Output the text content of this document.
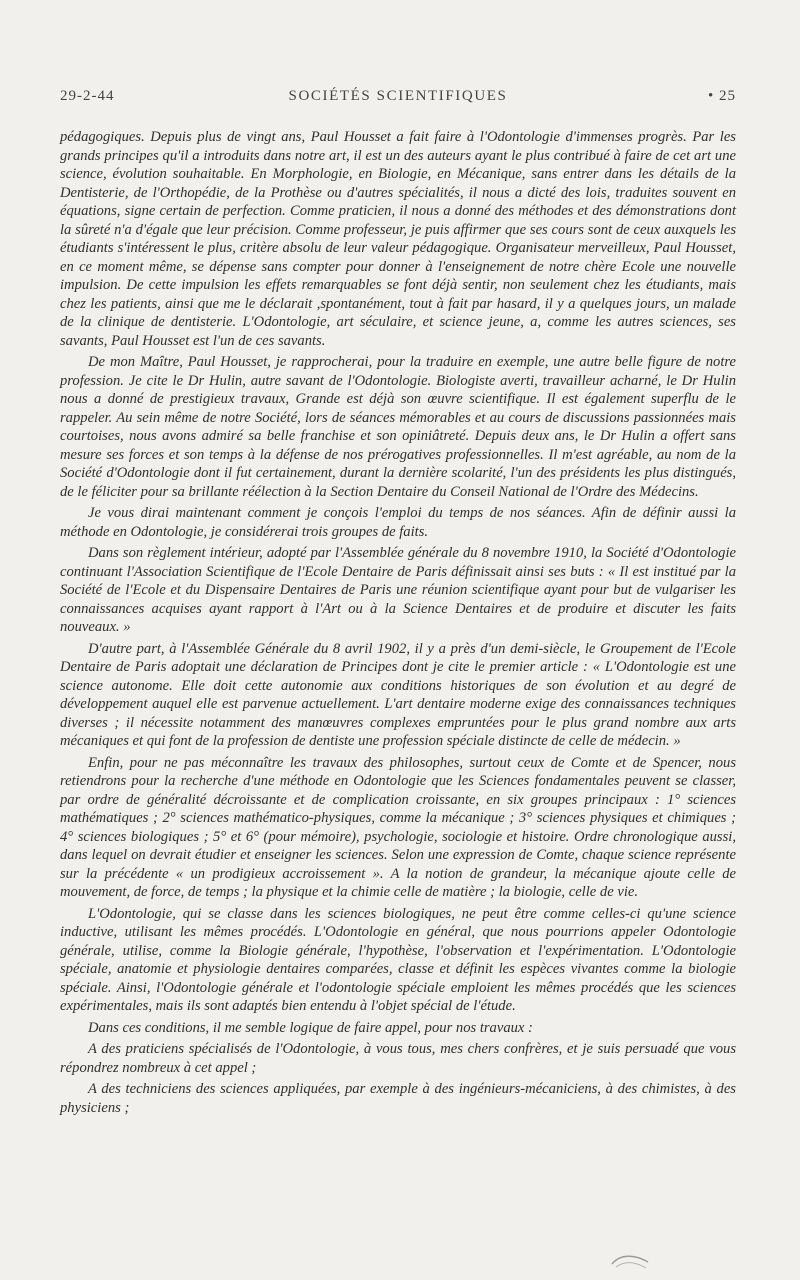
29-2-44	SOCIÉTÉS SCIENTIFIQUES	• 25

pédagogiques. Depuis plus de vingt ans, Paul Housset a fait faire à l'Odontologie d'immenses progrès. Par les grands principes qu'il a introduits dans notre art, il est un des auteurs ayant le plus contribué à faire de cet art une science, évolution souhaitable. En Morphologie, en Biologie, en Mécanique, sans entrer dans les détails de la Dentisterie, de l'Orthopédie, de la Prothèse ou d'autres spécialités, il nous a dicté des lois, traduites souvent en équations, signe certain de perfection. Comme praticien, il nous a donné des méthodes et des démonstrations dont la sûreté n'a d'égale que leur précision. Comme professeur, je puis affirmer que ses cours sont de ceux auxquels les étudiants s'intéressent le plus, critère absolu de leur valeur pédagogique. Organisateur merveilleux, Paul Housset, en ce moment même, se dépense sans compter pour donner à l'enseignement de notre chère Ecole une nouvelle impulsion. De cette impulsion les effets remarquables se font déjà sentir, non seulement chez les étudiants, mais chez les patients, ainsi que me le déclarait ,spontanément, tout à fait par hasard, il y a quelques jours, un malade de la clinique de dentisterie. L'Odontologie, art séculaire, et science jeune, a, comme les autres sciences, ses savants, Paul Housset est l'un de ces savants.

De mon Maître, Paul Housset, je rapprocherai, pour la traduire en exemple, une autre belle figure de notre profession. Je cite le Dr Hulin, autre savant de l'Odontologie. Biologiste averti, travailleur acharné, le Dr Hulin nous a donné de prestigieux travaux, Grande est déjà son œuvre scientifique. Il est également superflu de le rappeler. Au sein même de notre Société, lors de séances mémorables et au cours de discussions passionnées mais courtoises, nous avons admiré sa belle franchise et son opiniâtreté. Depuis deux ans, le Dr Hulin a offert sans mesure ses forces et son temps à la défense de nos prérogatives professionnelles. Il m'est agréable, au nom de la Société d'Odontologie dont il fut certainement, durant la dernière scolarité, l'un des présidents les plus distingués, de le féliciter pour sa brillante réélection à la Section Dentaire du Conseil National de l'Ordre des Médecins.

Je vous dirai maintenant comment je conçois l'emploi du temps de nos séances. Afin de définir aussi la méthode en Odontologie, je considérerai trois groupes de faits.

Dans son règlement intérieur, adopté par l'Assemblée générale du 8 novembre 1910, la Société d'Odontologie continuant l'Association Scientifique de l'Ecole Dentaire de Paris définissait ainsi ses buts : « Il est institué par la Société de l'Ecole et du Dispensaire Dentaires de Paris une réunion scientifique ayant pour but de vulgariser les connaissances acquises ayant rapport à l'Art ou à la Science Dentaires et de produire et discuter les faits nouveaux. »

D'autre part, à l'Assemblée Générale du 8 avril 1902, il y a près d'un demi-siècle, le Groupement de l'Ecole Dentaire de Paris adoptait une déclaration de Principes dont je cite le premier article : « L'Odontologie est une science autonome. Elle doit cette autonomie aux conditions historiques de son évolution et au degré de développement auquel elle est parvenue actuellement. L'art dentaire moderne exige des connaissances techniques diverses ; il nécessite notamment des manœuvres complexes empruntées pour le plus grand nombre aux arts mécaniques et qui font de la profession de dentiste une profession spéciale distincte de celle de médecin. »

Enfin, pour ne pas méconnaître les travaux des philosophes, surtout ceux de Comte et de Spencer, nous retiendrons pour la recherche d'une méthode en Odontologie que les Sciences fondamentales peuvent se classer, par ordre de généralité décroissante et de complication croissante, en six groupes principaux : 1° sciences mathématiques ; 2° sciences mathématico-physiques, comme la mécanique ; 3° sciences physiques et chimiques ; 4° sciences biologiques ; 5° et 6° (pour mémoire), psychologie, sociologie et histoire. Ordre chronologique aussi, dans lequel on devrait étudier et enseigner les sciences. Selon une expression de Comte, chaque science représente sur la précédente « un prodigieux accroissement ». A la notion de grandeur, la mécanique ajoute celle de mouvement, de force, de temps ; la physique et la chimie celle de matière ; la biologie, celle de vie.

L'Odontologie, qui se classe dans les sciences biologiques, ne peut être comme celles-ci qu'une science inductive, utilisant les mêmes procédés. L'Odontologie en général, que nous pourrions appeler Odontologie générale, utilise, comme la Biologie générale, l'hypothèse, l'observation et l'expérimentation. L'Odontologie spéciale, anatomie et physiologie dentaires comparées, classe et définit les espèces vivantes comme la biologie spéciale. Ainsi, l'Odontologie générale et l'odontologie spéciale emploient les mêmes procédés que les sciences expérimentales, mais ils sont adaptés bien entendu à l'objet spécial de l'étude.

Dans ces conditions, il me semble logique de faire appel, pour nos travaux :

A des praticiens spécialisés de l'Odontologie, à vous tous, mes chers confrères, et je suis persuadé que vous répondrez nombreux à cet appel ;

A des techniciens des sciences appliquées, par exemple à des ingénieurs-mécaniciens, à des chimistes, à des physiciens ;
